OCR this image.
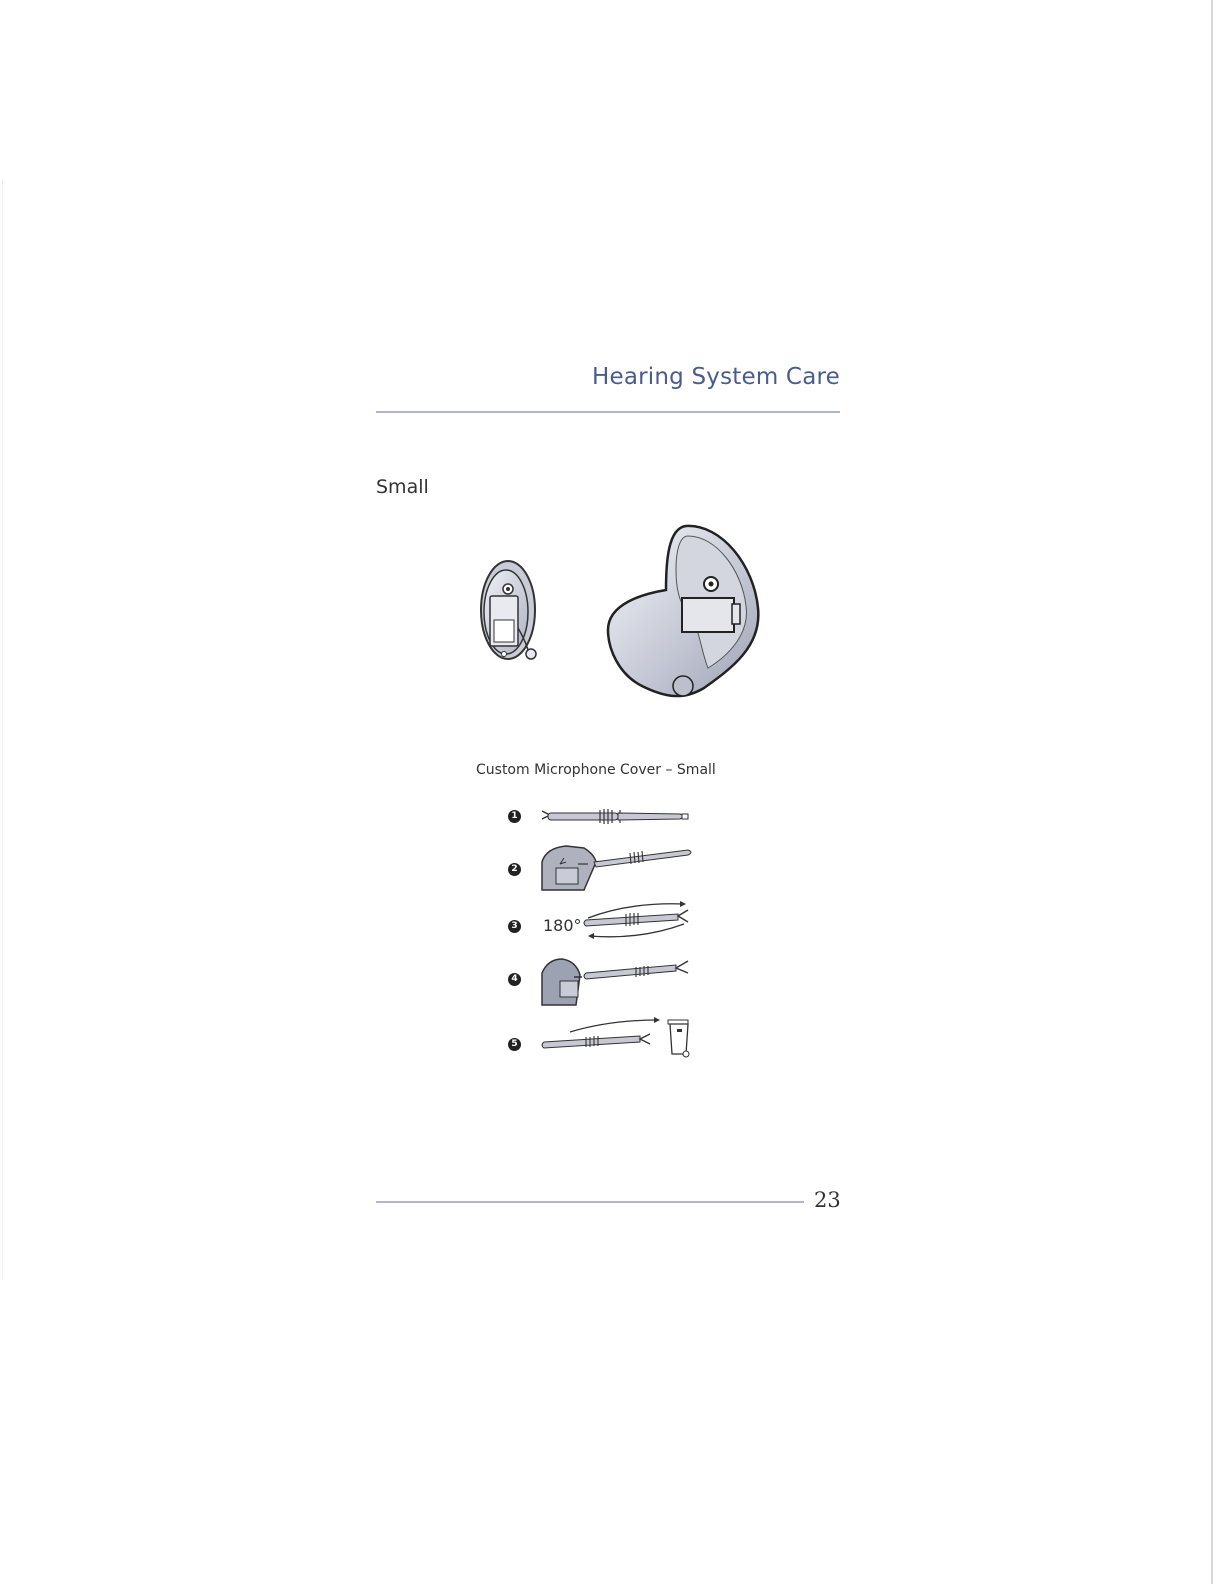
Hearing System Care
Small
Custom Microphone Cover – Small
1
2
3 180°
4
5
23
